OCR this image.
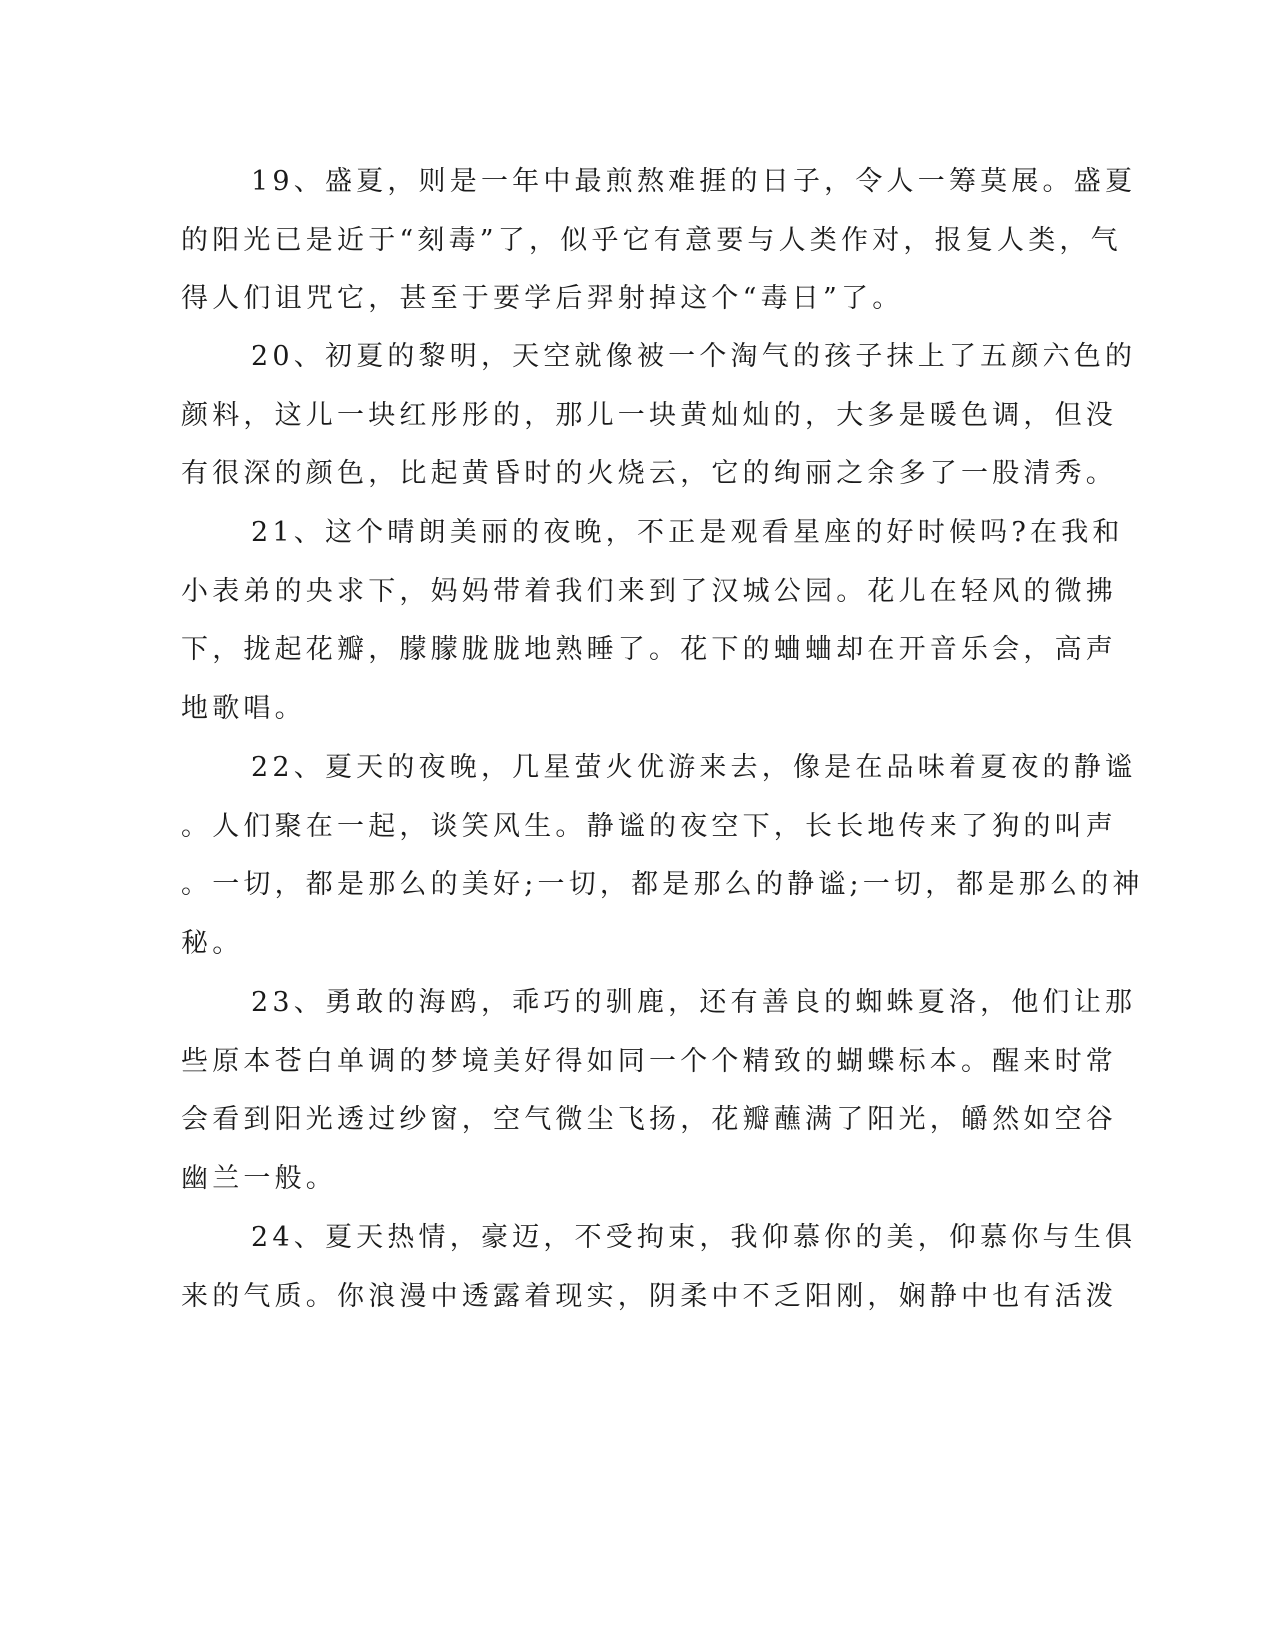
19、盛夏，则是一年中最煎熬难捱的日子，令人一筹莫展。盛夏
的阳光已是近于“刻毒”了，似乎它有意要与人类作对，报复人类，气
得人们诅咒它，甚至于要学后羿射掉这个“毒日”了。
20、初夏的黎明，天空就像被一个淘气的孩子抹上了五颜六色的
颜料，这儿一块红彤彤的，那儿一块黄灿灿的，大多是暖色调，但没
有很深的颜色，比起黄昏时的火烧云，它的绚丽之余多了一股清秀。
21、这个晴朗美丽的夜晚，不正是观看星座的好时候吗?在我和
小表弟的央求下，妈妈带着我们来到了汉城公园。花儿在轻风的微拂
下，拢起花瓣，朦朦胧胧地熟睡了。花下的蛐蛐却在开音乐会，高声
地歌唱。
22、夏天的夜晚，几星萤火优游来去，像是在品味着夏夜的静谧
。人们聚在一起，谈笑风生。静谧的夜空下，长长地传来了狗的叫声
。一切，都是那么的美好;一切，都是那么的静谧;一切，都是那么的神
秘。
23、勇敢的海鸥，乖巧的驯鹿，还有善良的蜘蛛夏洛，他们让那
些原本苍白单调的梦境美好得如同一个个精致的蝴蝶标本。醒来时常
会看到阳光透过纱窗，空气微尘飞扬，花瓣蘸满了阳光，皭然如空谷
幽兰一般。
24、夏天热情，豪迈，不受拘束，我仰慕你的美，仰慕你与生俱
来的气质。你浪漫中透露着现实，阴柔中不乏阳刚，娴静中也有活泼
